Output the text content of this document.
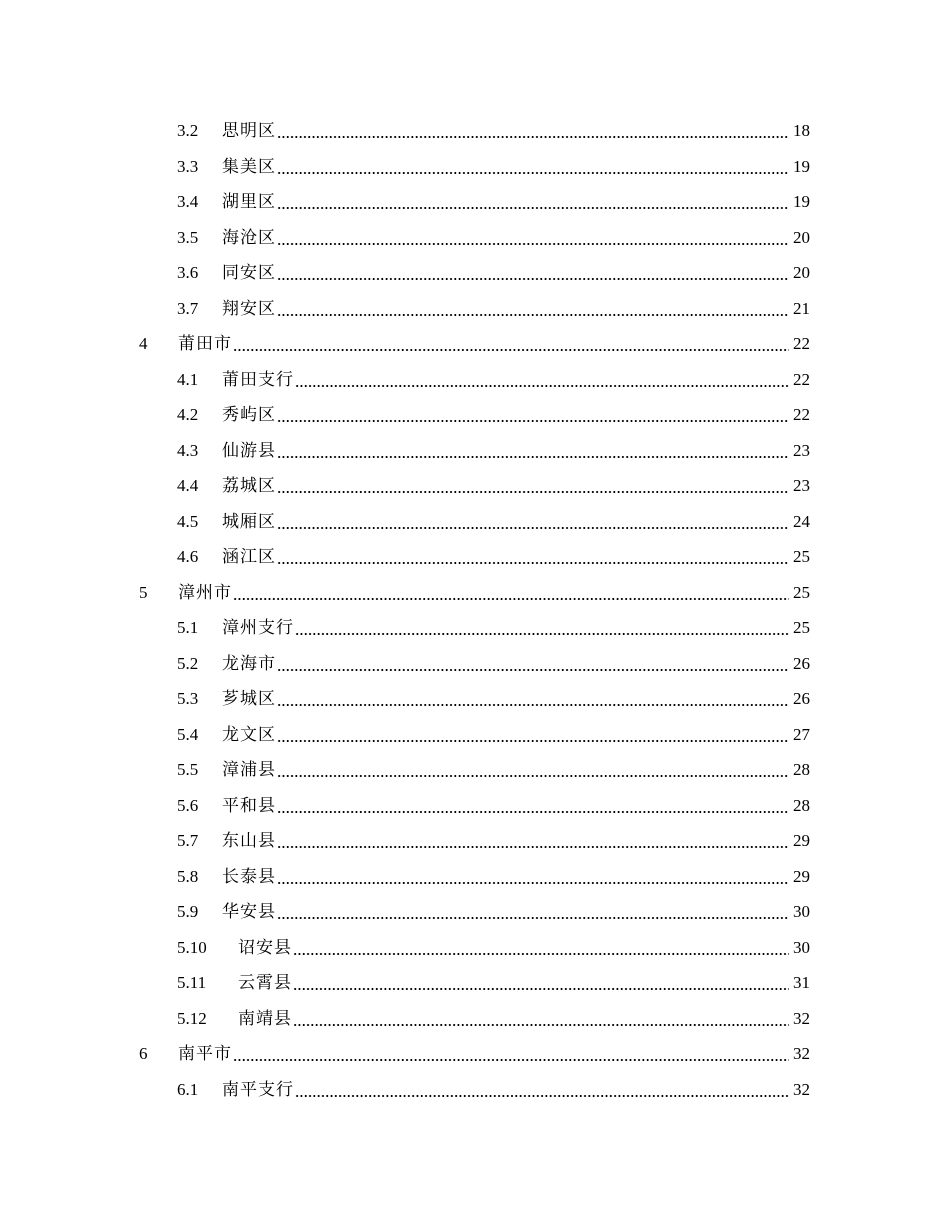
3.2	思明区	18
3.3	集美区	19
3.4	湖里区	19
3.5	海沧区	20
3.6	同安区	20
3.7	翔安区	21
4	莆田市	22
4.1	莆田支行	22
4.2	秀屿区	22
4.3	仙游县	23
4.4	荔城区	23
4.5	城厢区	24
4.6	涵江区	25
5	漳州市	25
5.1	漳州支行	25
5.2	龙海市	26
5.3	芗城区	26
5.4	龙文区	27
5.5	漳浦县	28
5.6	平和县	28
5.7	东山县	29
5.8	长泰县	29
5.9	华安县	30
5.10	诏安县	30
5.11	云霄县	31
5.12	南靖县	32
6	南平市	32
6.1	南平支行	32
